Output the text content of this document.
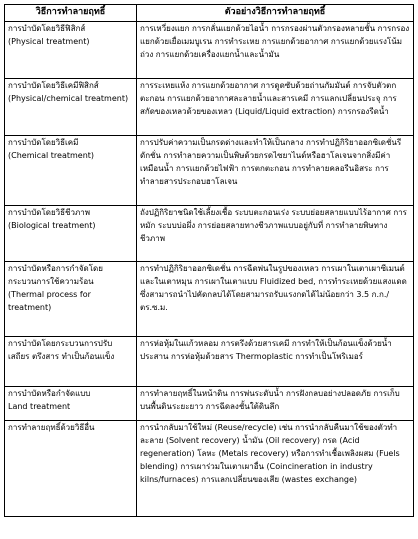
วิธีการทำลายฤทธิ์	ตัวอย่างวิธีการทำลายฤทธิ์
การบำบัดโดยวิธีฟิสิกส์
(Physical treatment)	การเหวี่ยงแยก การกลั่นแยกด้วยไอน้ำ การกรองผ่านตัวกรองหลายชั้น การกรองแยกด้วยเยื่อเมมบูเรน การทำระเหย การแยกด้วยอากาศ การแยกด้วยแรงโน้มถ่วง การแยกด้วยเครื่องแยกน้ำและน้ำมัน
การบำบัดโดยวิธีเคมีฟิสิกส์
(Physical/chemical treatment)	การระเหยแห้ง การแยกด้วยอากาศ การดูดซับด้วยถ่านกัมมันต์ การจับตัวตกตะกอน การแยกด้วยอากาศละลายน้ำและสารเคมี การแลกเปลี่ยนประจุ การสกัดของเหลวด้วยของเหลว (Liquid/Liquid extraction) การกรองรีดน้ำ
การบำบัดโดยวิธีเคมี
(Chemical treatment)	การปรับค่าความเป็นกรดด่างและทำให้เป็นกลาง การทำปฏิกิริยาออกซิเดชั่นรีดักชั่น การทำลายความเป็นพิษด้วยกรดไซยาไนด์หรือฮาโลเจนจากสิ่งมีค่าเหมือนน้ำ การแยกด้วยไฟฟ้า การตกตะกอน การทำลายคลอรีนอิสระ การทำลายสารประกอบฮาโลเจน
การบำบัดโดยวิธีชีวภาพ
(Biological treatment)	ถังปฏิกิริยาชนิดใช้เลี้ยงเชื้อ ระบบตะกอนเร่ง ระบบย่อยสลายแบบไร้อากาศ การหมัก ระบบบ่อผึ่ง การย่อยสลายทางชีวภาพแบบอยู่กับที่ การทำลายพิษทางชีวภาพ
การบำบัดหรือการกำจัดโดยกระบวนการใช้ความร้อน
(Thermal process for treatment)	การทำปฏิกิริยาออกซิเดชั่น การฉีดพ่นในรูปของเหลว การเผาในเตาเผาซีเมนต์ และในเตาหมุน การเผาในเตาแบบ Fluidized bed, การทำระเหยด้วยแสงแดด ซึ่งสามารถนำไปคัดกลบได้โดยสามารถรับแรงกดได้ไม่น้อยกว่า 3.5 ก.ก./ตร.ซ.ม.
การบำบัดโดยกระบวนการปรับเสถียร ตรึงสาร ทำเป็นก้อนแข็ง	การห่อหุ้มในแก้วหลอม การตรึงด้วยสารเคมี การทำให้เป็นก้อนแข็งด้วยน้ำประสาน การห่อหุ้มด้วยสาร Thermoplastic การทำเป็นโพริเมอร์
การบำบัดหรือกำจัดแบบ
Land treatment	การทำลายฤทธิ์ในหน้าดิน การพ่นระดับน้ำ การฝังกลบอย่างปลอดภัย การเก็บบนพื้นดินระยะยาว การฉีดลงชั้นใต้ดินลึก
การทำลายฤทธิ์ด้วยวิธีอื่น	การนำกลับมาใช้ใหม่ (Reuse/recycle) เช่น การนำกลับคืนมาใช้ของตัวทำละลาย (Solvent recovery) น้ำมัน (Oil recovery) กรด (Acid regeneration) โลหะ (Metals recovery) หรือการทำเชื้อเพลิงผสม (Fuels blending) การเผาร่วมในเตาเผาอื่น (Coincineration in industry kilns/furnaces) การแลกเปลี่ยนของเสีย (wastes exchange)
